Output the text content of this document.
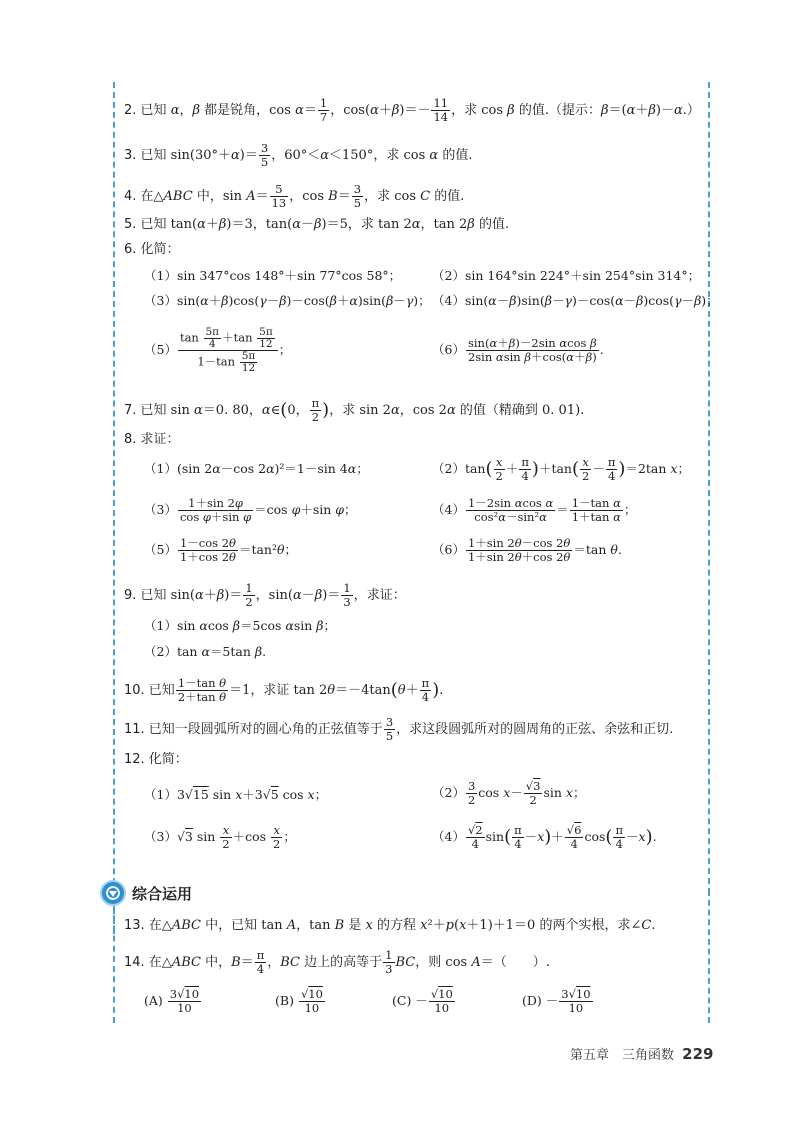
2. 已知 α，β 都是锐角，$\cos \alpha= \frac{1}{7}$ ，$\cos(\alpha+\beta)=- \frac{11}{14}$ ，求 cos β 的值.（提示：β＝(α＋β)－α.）
3. 已知 $\sin(30^\circ+\alpha)= \frac{3}{5}$ ，60°＜α＜150°，求 cos α 的值.
4. 在△ABC 中，$\sin A= \frac{5}{13}$ ，$\cos B= \frac{3}{5}$ ，求 cos C 的值.
5. 已知 tan(α＋β)＝3，tan(α－β)＝5，求 tan 2α，tan 2β 的值.
6. 化简：
（1）sin 347°cos 148°＋sin 77°cos 58°； （2）sin 164°sin 224°＋sin 254°sin 314°；
（3）sin(α＋β)cos(γ－β)－cos(β＋α)sin(β－γ)； （4）sin(α－β)sin(β－γ)－cos(α－β)cos(γ－β)；
$(5) \frac{\tan \frac{5\pi}{4} +\tan \frac{5\pi}{12}}{1-\tan \frac{5\pi}{12}}$ ；	$(6) \frac{\text{sin(α＋β)－2sin αcos β}}{\text{2sin αsin β＋cos(α＋β)}}$ .
7. 已知 sin α＝0. 80，α∈(0， $\frac{\pi}{2}$ )，求 sin 2α，cos 2α 的值（精确到 0. 01).
8. 求证：
（1）(sin 2α－cos 2α)²＝1－sin 4α；	$(2)\tan( \frac{x}{2} + \frac{\pi}{4} )+\tan( \frac{x}{2} - \frac{\pi}{4} )=2\tan$ x；
$(3) \frac{1+\sin 2\varphi}{\text{cos φ＋sin φ}} =\cos$ φ＋sin φ；	$(4) \frac{\text{1－2sin αcos α}}{\text{cos²α－sin²α}} = \frac{\text{1－tan α}}{\text{1＋tan α}}$ ；
$(5) \frac{1-\cos 2\theta}{1+\cos 2\theta} =\tan^2\theta$；	$(6) \frac{1+\sin 2\theta-\cos 2\theta}{1+\sin 2\theta+\cos 2\theta} =\tan$ θ.
9. 已知 $\sin(\alpha+\beta)= \frac{1}{2}$ ，$\sin(\alpha-\beta)= \frac{1}{3}$ ，求证：
（1）sin αcos β＝5cos αsin β；
（2）tan α＝5tan β.
10. 已知 $\frac{\text{1－tan θ}}{\text{2＋tan θ}} =1$，求证 $\tan 2\theta=-4\tan(\theta+ \frac{\pi}{4}$ ).
11. 已知一段圆弧所对的圆心角的正弦值等于 $\frac{3}{5}$ ，求这段圆弧所对的圆周角的正弦、余弦和正切.
12. 化简：
（1）3√15 sin x＋3√5 cos x；	$(2) \frac{3}{2}$ $\cos x- \frac{√3}{2}$ sin x；
（3）√3 $\sin \frac{x}{2} +\cos \frac{x}{2}$ ；	$(4) \frac{√2}{4} \sin( \frac{\pi}{4} -x)+ \frac{√6}{4} \cos( \frac{\pi}{4} -x)$.
综合运用
13. 在△ABC 中，已知 tan A，tan B 是 x 的方程 x²＋p(x＋1)＋1＝0 的两个实根，求∠C.
14. 在△ABC 中，$B= \frac{\pi}{4}$ ，BC 边上的高等于 $\frac{1}{3}$ BC，则 cos A＝（　　）.
$(A) \frac{3√10}{10}$	$(B) \frac{√10}{10}$	$(C) - \frac{√10}{10}$	$(D) - \frac{3√10}{10}$
第五章　三角函数 229
